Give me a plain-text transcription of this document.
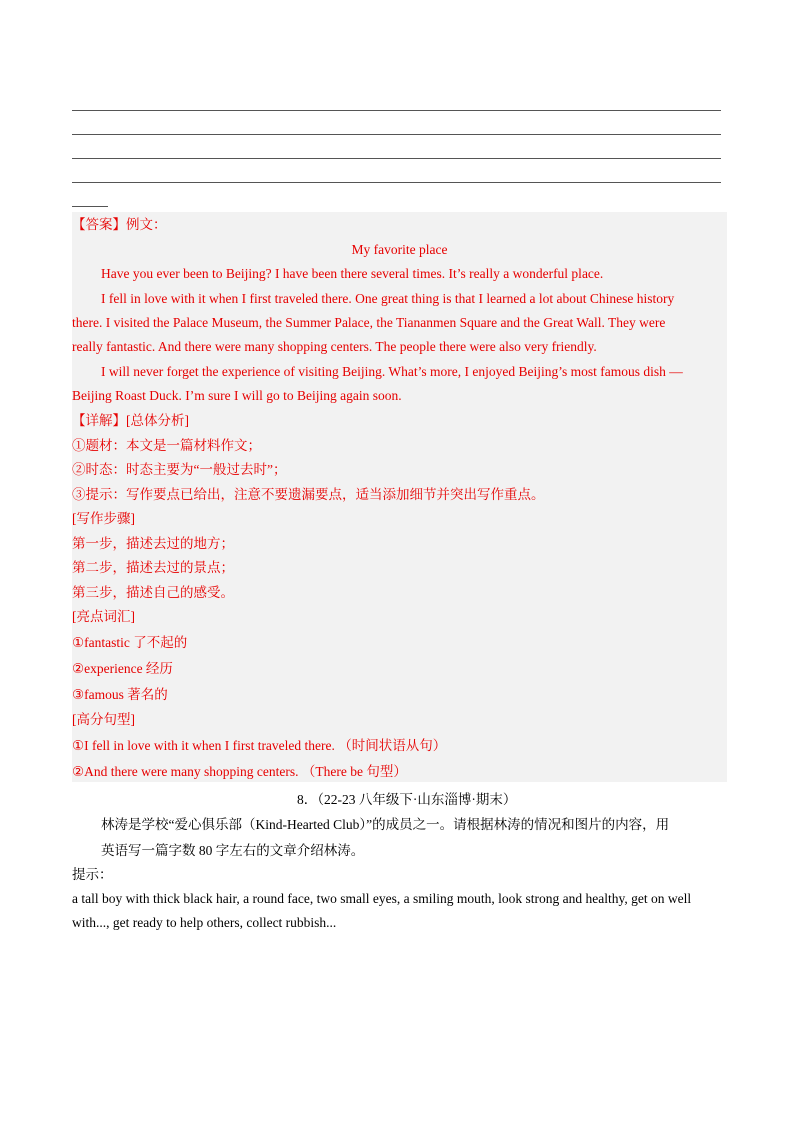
【答案】例文：
My favorite place
Have you ever been to Beijing? I have been there several times. It’s really a wonderful place.
I fell in love with it when I first traveled there. One great thing is that I learned a lot about Chinese history
there. I visited the Palace Museum, the Summer Palace, the Tiananmen Square and the Great Wall. They were
really fantastic. And there were many shopping centers. The people there were also very friendly.
I will never forget the experience of visiting Beijing. What’s more, I enjoyed Beijing’s most famous dish —
Beijing Roast Duck. I’m sure I will go to Beijing again soon.
【详解】[总体分析]
①题材：本文是一篇材料作文；
②时态：时态主要为“一般过去时”；
③提示：写作要点已给出，注意不要遗漏要点，适当添加细节并突出写作重点。
[写作步骤]
第一步，描述去过的地方；
第二步，描述去过的景点；
第三步，描述自己的感受。
[亮点词汇]
①fantastic 了不起的
②experience 经历
③famous 著名的
[高分句型]
①I fell in love with it when I first traveled there. （时间状语从句）
②And there were many shopping centers. （There be 句型）
8．（22-23 八年级下·山东淄博·期末）
林涛是学校“爱心俱乐部（Kind-Hearted Club）”的成员之一。请根据林涛的情况和图片的内容，用
英语写一篇字数 80 字左右的文章介绍林涛。
提示：
a tall boy with thick black hair, a round face, two small eyes, a smiling mouth, look strong and healthy, get on well
with..., get ready to help others, collect rubbish...
